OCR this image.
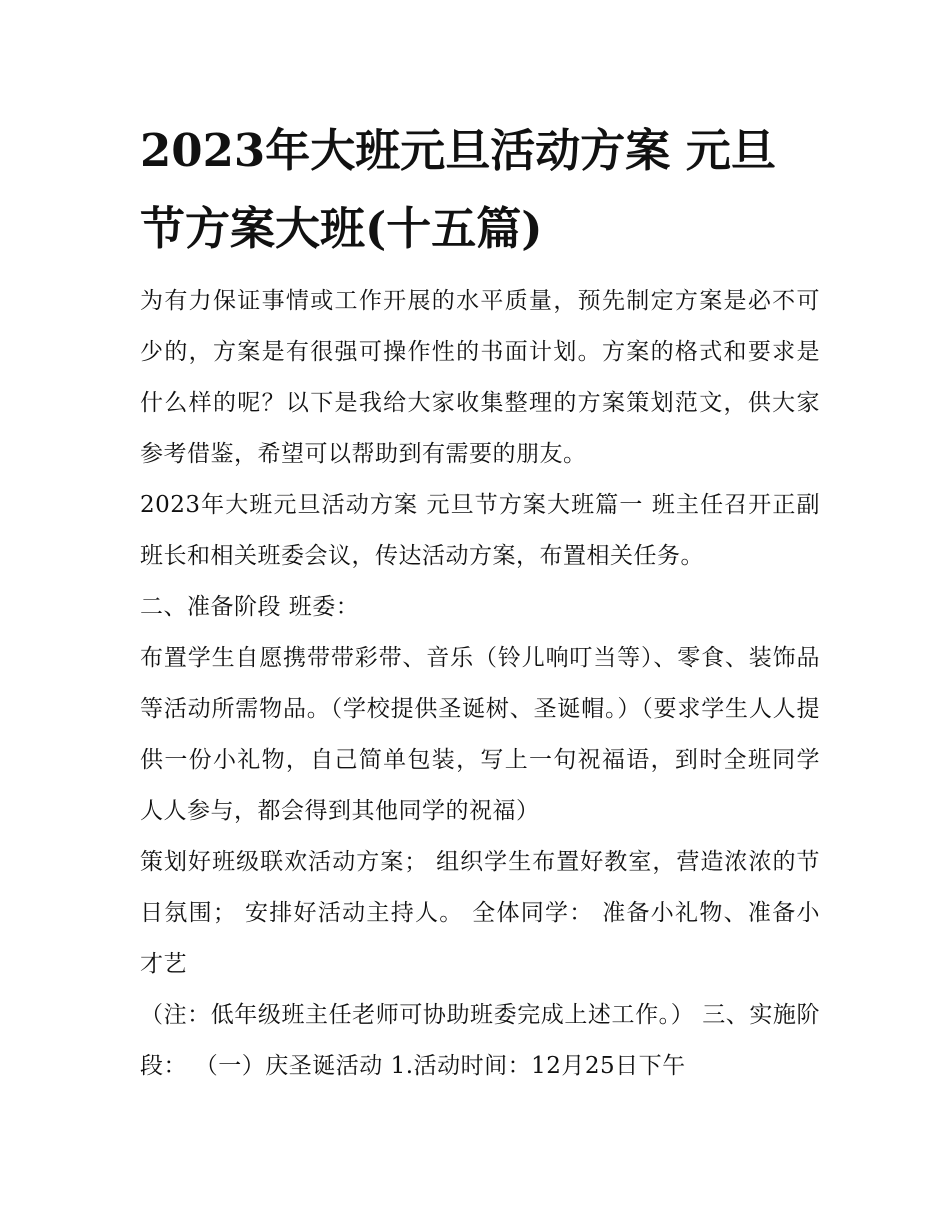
2023年大班元旦活动方案 元旦节方案大班(十五篇)

为有力保证事情或工作开展的水平质量，预先制定方案是必不可少的，方案是有很强可操作性的书面计划。方案的格式和要求是什么样的呢？以下是我给大家收集整理的方案策划范文，供大家参考借鉴，希望可以帮助到有需要的朋友。

2023年大班元旦活动方案 元旦节方案大班篇一 班主任召开正副班长和相关班委会议，传达活动方案，布置相关任务。

二、准备阶段 班委：

布置学生自愿携带带彩带、音乐（铃儿响叮当等）、零食、装饰品等活动所需物品。（学校提供圣诞树、圣诞帽。）（要求学生人人提供一份小礼物，自己简单包装，写上一句祝福语，到时全班同学人人参与，都会得到其他同学的祝福）

策划好班级联欢活动方案； 组织学生布置好教室，营造浓浓的节日氛围； 安排好活动主持人。 全体同学： 准备小礼物、准备小才艺

（注：低年级班主任老师可协助班委完成上述工作。） 三、实施阶段： （一）庆圣诞活动 1.活动时间：12月25日下午
